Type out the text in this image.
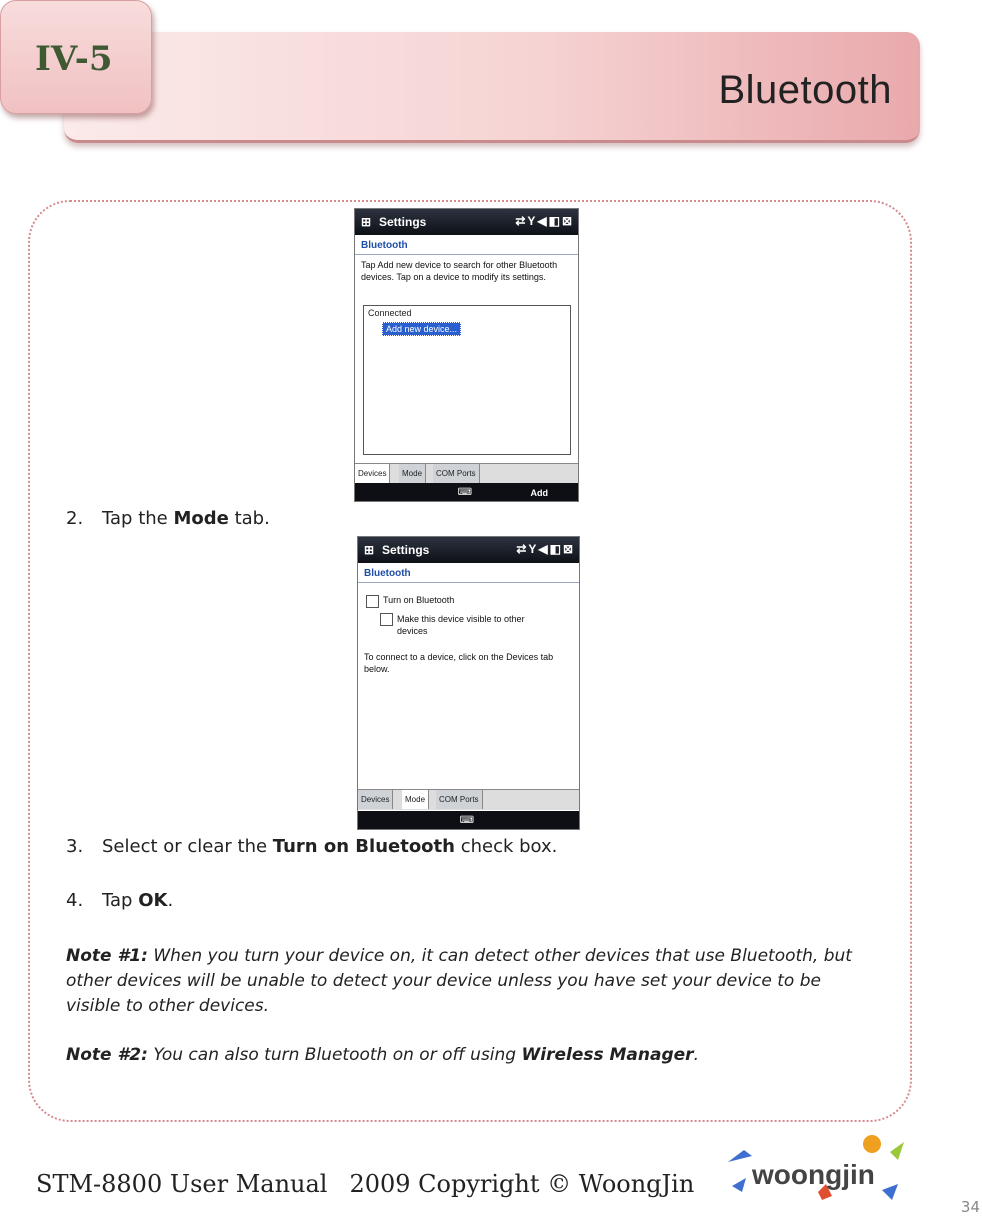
Bluetooth
IV-5
⊞ Settings	⇄Y◀◧⊠
Bluetooth
Tap Add new device to search for other Bluetooth devices. Tap on a device to modify its settings.
Connected
Add new device...
Devices	Mode	COM Ports
⌨	Add
2. Tap the Mode tab.
⊞ Settings	⇄Y◀◧⊠
Bluetooth
Turn on Bluetooth
Make this device visible to other devices
To connect to a device, click on the Devices tab below.
Devices	Mode	COM Ports
⌨
3. Select or clear the Turn on Bluetooth check box.
4. Tap OK.
Note #1: When you turn your device on, it can detect other devices that use Bluetooth, but other devices will be unable to detect your device unless you have set your device to be visible to other devices.
Note #2: You can also turn Bluetooth on or off using Wireless Manager.
STM-8800 User Manual 2009 Copyright © WoongJin	woongjin
34
